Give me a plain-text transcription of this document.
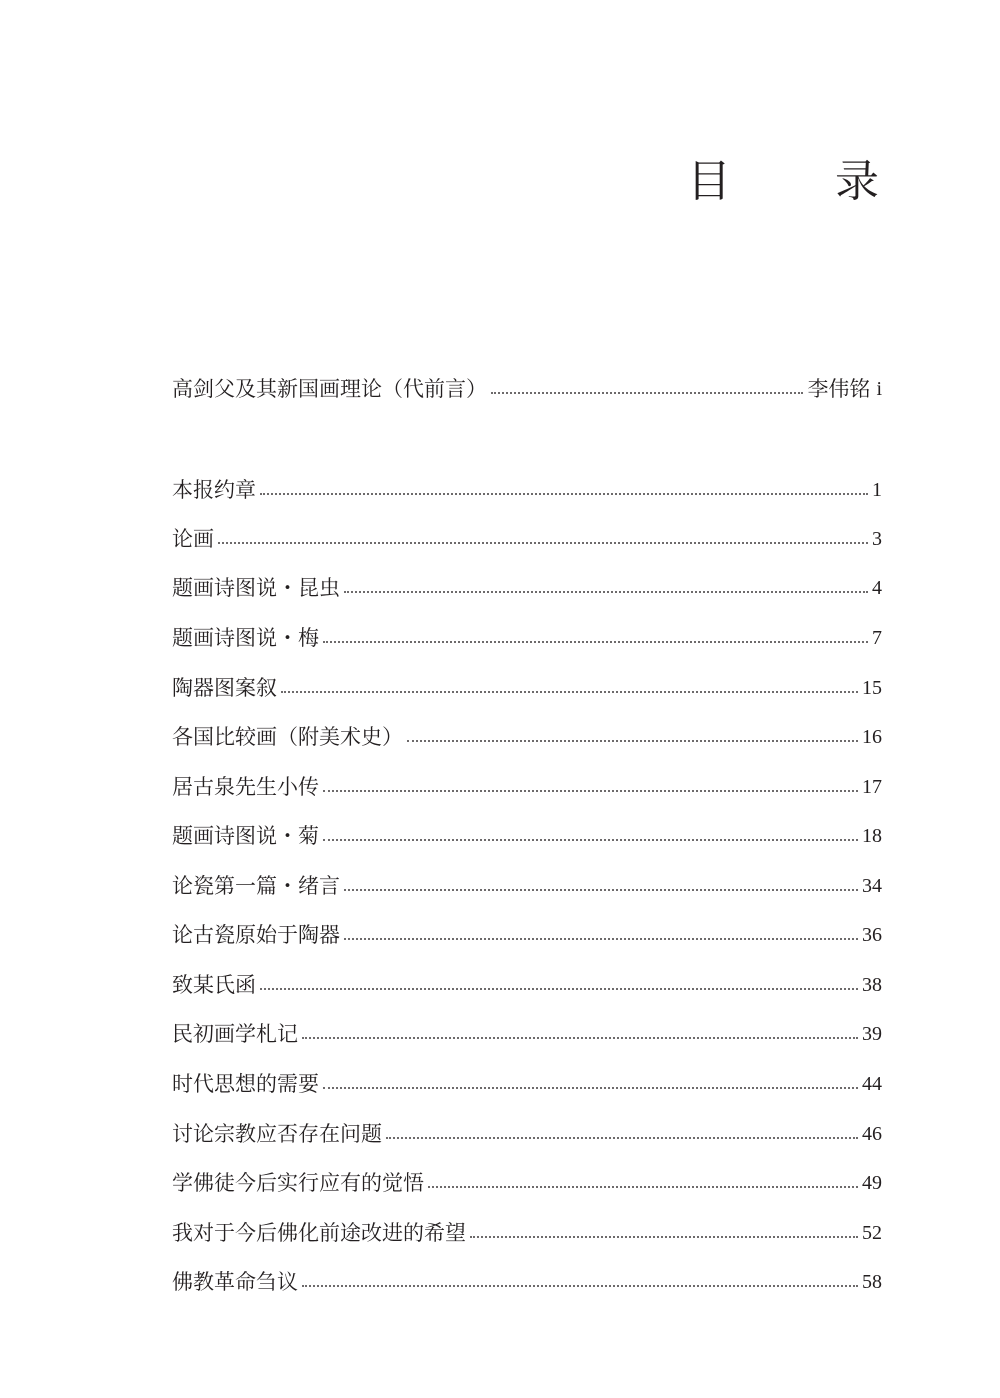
目　录
高剑父及其新国画理论（代前言）	李伟铭 i
本报约章	1
论画	3
题画诗图说・昆虫	4
题画诗图说・梅	7
陶器图案叙	15
各国比较画（附美术史）	16
居古泉先生小传	17
题画诗图说・菊	18
论瓷第一篇・绪言	34
论古瓷原始于陶器	36
致某氏函	38
民初画学札记	39
时代思想的需要	44
讨论宗教应否存在问题	46
学佛徒今后实行应有的觉悟	49
我对于今后佛化前途改进的希望	52
佛教革命刍议	58
